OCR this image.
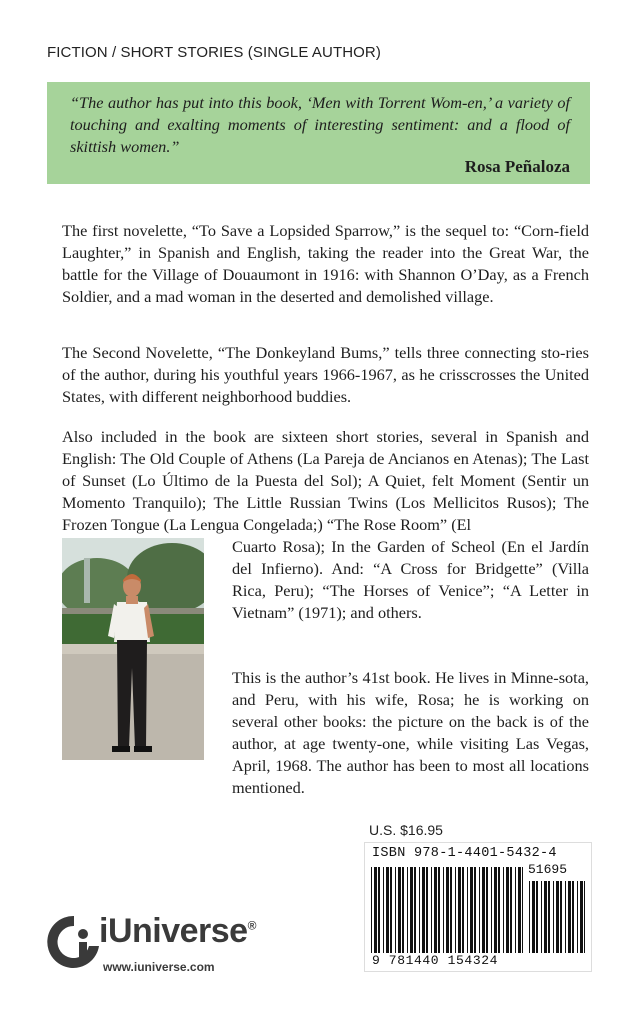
FICTION / SHORT STORIES (SINGLE AUTHOR)
“The author has put into this book, ‘Men with Torrent Wom-en,’ a variety of touching and exalting moments of interesting sentiment: and a flood of skittish women.”
Rosa Peñaloza
The first novelette, “To Save a Lopsided Sparrow,” is the sequel to: “Corn-field Laughter,” in Spanish and English, taking the reader into the Great War, the battle for the Village of Douaumont in 1916: with Shannon O’Day, as a French Soldier, and a mad woman in the deserted and demolished village.
The Second Novelette, “The Donkeyland Bums,” tells three connecting sto-ries of the author, during his youthful years 1966-1967, as he crisscrosses the United States, with different neighborhood buddies.
Also included in the book are sixteen short stories, several in Spanish and English: The Old Couple of Athens (La Pareja de Ancianos en Atenas); The Last of Sunset (Lo Último de la Puesta del Sol); A Quiet, felt Moment (Sentir un Momento Tranquilo); The Little Russian Twins (Los Mellicitos Rusos); The Frozen Tongue (La Lengua Congelada;) “The Rose Room” (El
Cuarto Rosa); In the Garden of Scheol (En el Jardín del Infierno). And: “A Cross for Bridgette” (Villa Rica, Peru); “The Horses of Venice”; “A Letter in Vietnam” (1971); and others.
This is the author’s 41st book. He lives in Minne-sota, and Peru, with his wife, Rosa; he is working on several other books: the picture on the back is of the author, at age twenty-one, while visiting Las Vegas, April, 1968. The author has been to most all locations mentioned.
U.S. $16.95
ISBN 978-1-4401-5432-4
51695
9 781440 154324
iUniverse®
www.iuniverse.com
